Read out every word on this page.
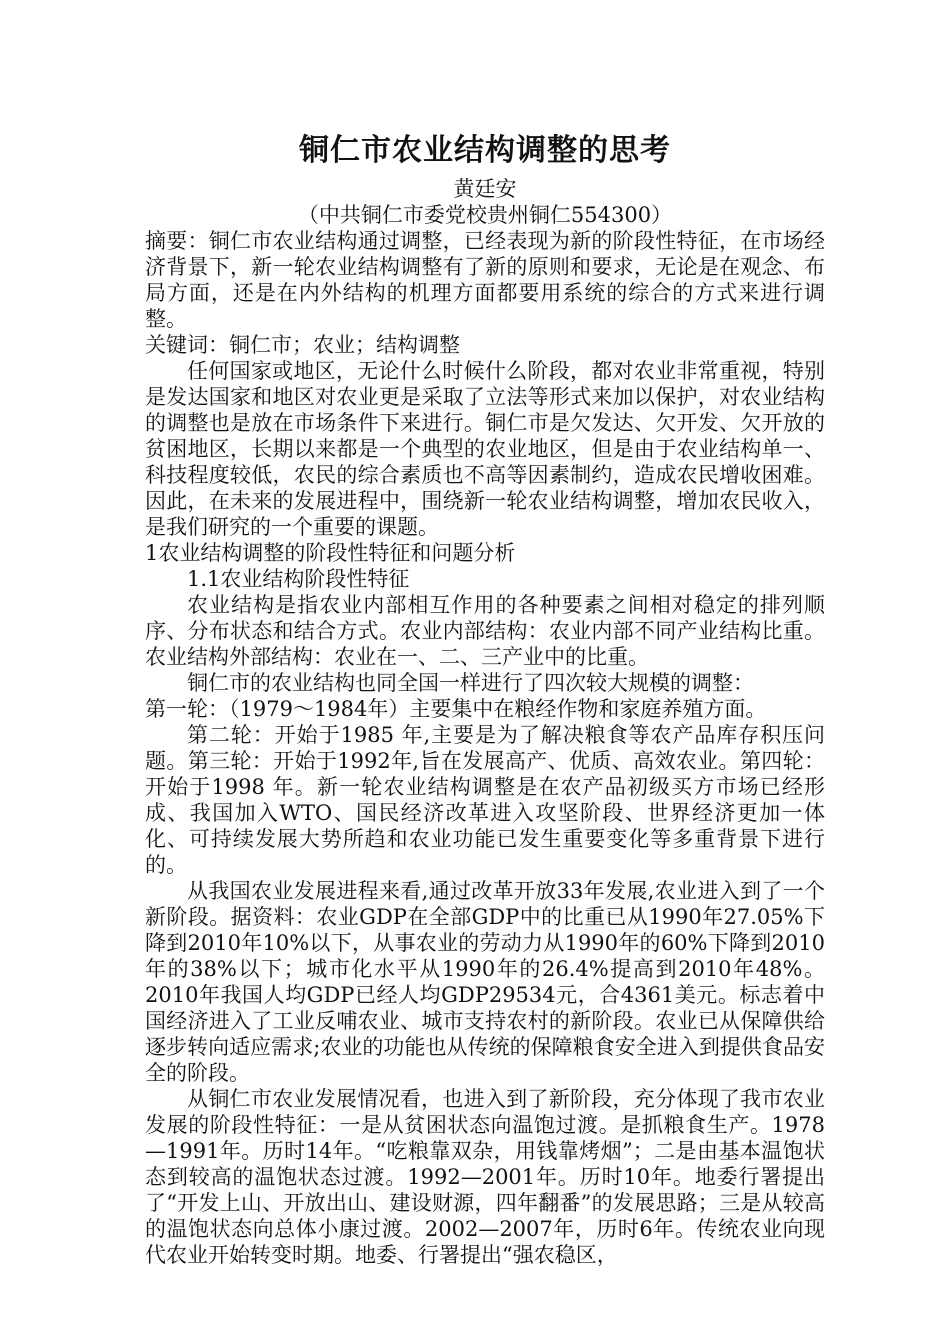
铜仁市农业结构调整的思考
黄廷安
（中共铜仁市委党校贵州铜仁554300）

摘要：铜仁市农业结构通过调整，已经表现为新的阶段性特征，在市场经济背景下，新一轮农业结构调整有了新的原则和要求，无论是在观念、布局方面，还是在内外结构的机理方面都要用系统的综合的方式来进行调整。

关键词：铜仁市；农业；结构调整

任何国家或地区，无论什么时候什么阶段，都对农业非常重视，特别是发达国家和地区对农业更是采取了立法等形式来加以保护，对农业结构的调整也是放在市场条件下来进行。铜仁市是欠发达、欠开发、欠开放的贫困地区，长期以来都是一个典型的农业地区，但是由于农业结构单一、科技程度较低，农民的综合素质也不高等因素制约，造成农民增收困难。因此，在未来的发展进程中，围绕新一轮农业结构调整，增加农民收入，是我们研究的一个重要的课题。

1农业结构调整的阶段性特征和问题分析

1.1农业结构阶段性特征

农业结构是指农业内部相互作用的各种要素之间相对稳定的排列顺序、分布状态和结合方式。农业内部结构：农业内部不同产业结构比重。农业结构外部结构：农业在一、二、三产业中的比重。

铜仁市的农业结构也同全国一样进行了四次较大规模的调整：

第一轮：（1979～1984年）主要集中在粮经作物和家庭养殖方面。

第二轮：开始于1985 年,主要是为了解决粮食等农产品库存积压问题。第三轮：开始于1992年,旨在发展高产、优质、高效农业。第四轮：开始于1998 年。新一轮农业结构调整是在农产品初级买方市场已经形成、我国加入WTO、国民经济改革进入攻坚阶段、世界经济更加一体化、可持续发展大势所趋和农业功能已发生重要变化等多重背景下进行的。

从我国农业发展进程来看,通过改革开放33年发展,农业进入到了一个新阶段。据资料：农业GDP在全部GDP中的比重已从1990年27.05%下降到2010年10%以下，从事农业的劳动力从1990年的60%下降到2010年的38%以下；城市化水平从1990年的26.4%提高到2010年48%。2010年我国人均GDP已经人均GDP29534元，合4361美元。标志着中国经济进入了工业反哺农业、城市支持农村的新阶段。农业已从保障供给逐步转向适应需求;农业的功能也从传统的保障粮食安全进入到提供食品安全的阶段。

从铜仁市农业发展情况看，也进入到了新阶段，充分体现了我市农业发展的阶段性特征：一是从贫困状态向温饱过渡。是抓粮食生产。1978—1991年。历时14年。“吃粮靠双杂，用钱靠烤烟”；二是由基本温饱状态到较高的温饱状态过渡。1992—2001年。历时10年。地委行署提出了“开发上山、开放出山、建设财源，四年翻番”的发展思路；三是从较高的温饱状态向总体小康过渡。2002—2007年，历时6年。传统农业向现代农业开始转变时期。地委、行署提出“强农稳区，
